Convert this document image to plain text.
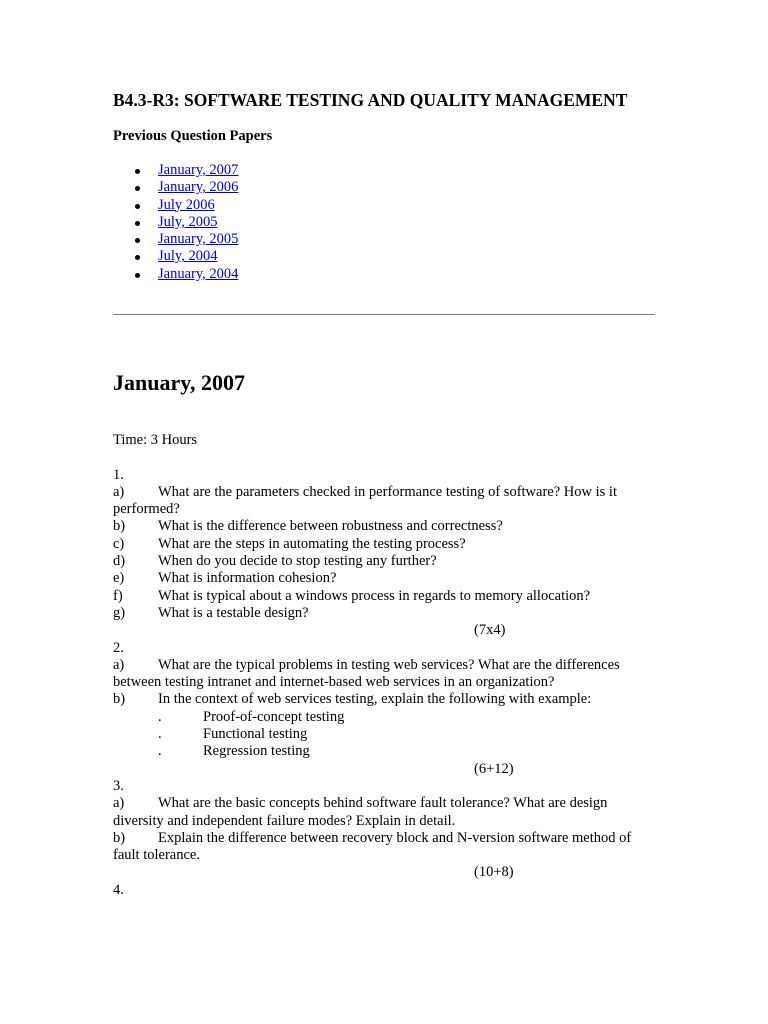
B4.3-R3: SOFTWARE TESTING AND QUALITY MANAGEMENT
Previous Question Papers
January, 2007
January, 2006
July 2006
July, 2005
January, 2005
July, 2004
January, 2004
January, 2007
Time: 3 Hours
1.
a) What are the parameters checked in performance testing of software? How is it
performed?
b) What is the difference between robustness and correctness?
c) What are the steps in automating the testing process?
d) When do you decide to stop testing any further?
e) What is information cohesion?
f) What is typical about a windows process in regards to memory allocation?
g) What is a testable design?
(7x4)
2.
a) What are the typical problems in testing web services? What are the differences
between testing intranet and internet-based web services in an organization?
b) In the context of web services testing, explain the following with example:
.	Proof-of-concept testing
.	Functional testing
.	Regression testing
(6+12)
3.
a) What are the basic concepts behind software fault tolerance? What are design
diversity and independent failure modes? Explain in detail.
b) Explain the difference between recovery block and N-version software method of
fault tolerance.
(10+8)
4.
